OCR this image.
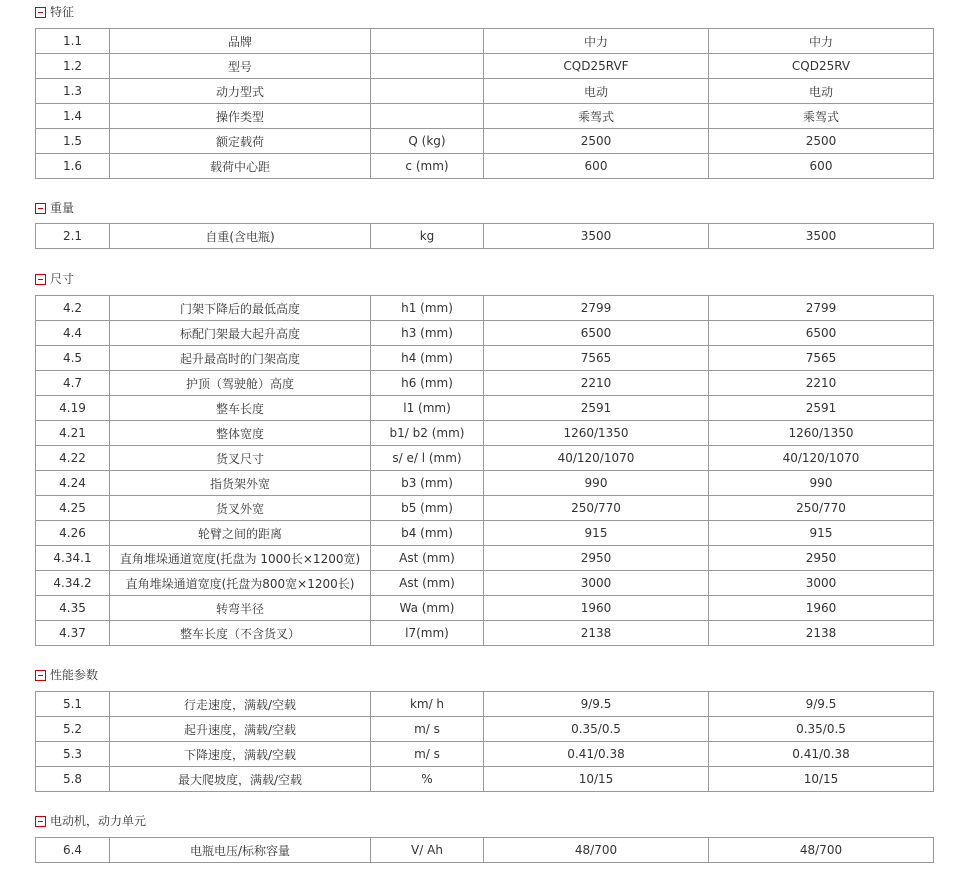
特征
1.1	品牌		中力	中力
1.2	型号		CQD25RVF	CQD25RV
1.3	动力型式		电动	电动
1.4	操作类型		乘驾式	乘驾式
1.5	额定载荷	Q (kg)	2500	2500
1.6	载荷中心距	c (mm)	600	600
重量
2.1	自重(含电瓶)	kg	3500	3500
尺寸
4.2	门架下降后的最低高度	h1 (mm)	2799	2799
4.4	标配门架最大起升高度	h3 (mm)	6500	6500
4.5	起升最高时的门架高度	h4 (mm)	7565	7565
4.7	护顶（驾驶舱）高度	h6 (mm)	2210	2210
4.19	整车长度	l1 (mm)	2591	2591
4.21	整体宽度	b1/ b2 (mm)	1260/1350	1260/1350
4.22	货叉尺寸	s/ e/ l (mm)	40/120/1070	40/120/1070
4.24	指货架外宽	b3 (mm)	990	990
4.25	货叉外宽	b5 (mm)	250/770	250/770
4.26	轮臂之间的距离	b4 (mm)	915	915
4.34.1	直角堆垛通道宽度(托盘为 1000长×1200宽)	Ast (mm)	2950	2950
4.34.2	直角堆垛通道宽度(托盘为800宽×1200长)	Ast (mm)	3000	3000
4.35	转弯半径	Wa (mm)	1960	1960
4.37	整车长度（不含货叉）	l7(mm)	2138	2138
性能参数
5.1	行走速度，满载/空载	km/ h	9/9.5	9/9.5
5.2	起升速度，满载/空载	m/ s	0.35/0.5	0.35/0.5
5.3	下降速度，满载/空载	m/ s	0.41/0.38	0.41/0.38
5.8	最大爬坡度，满载/空载	%	10/15	10/15
电动机，动力单元
6.4	电瓶电压/标称容量	V/ Ah	48/700	48/700
